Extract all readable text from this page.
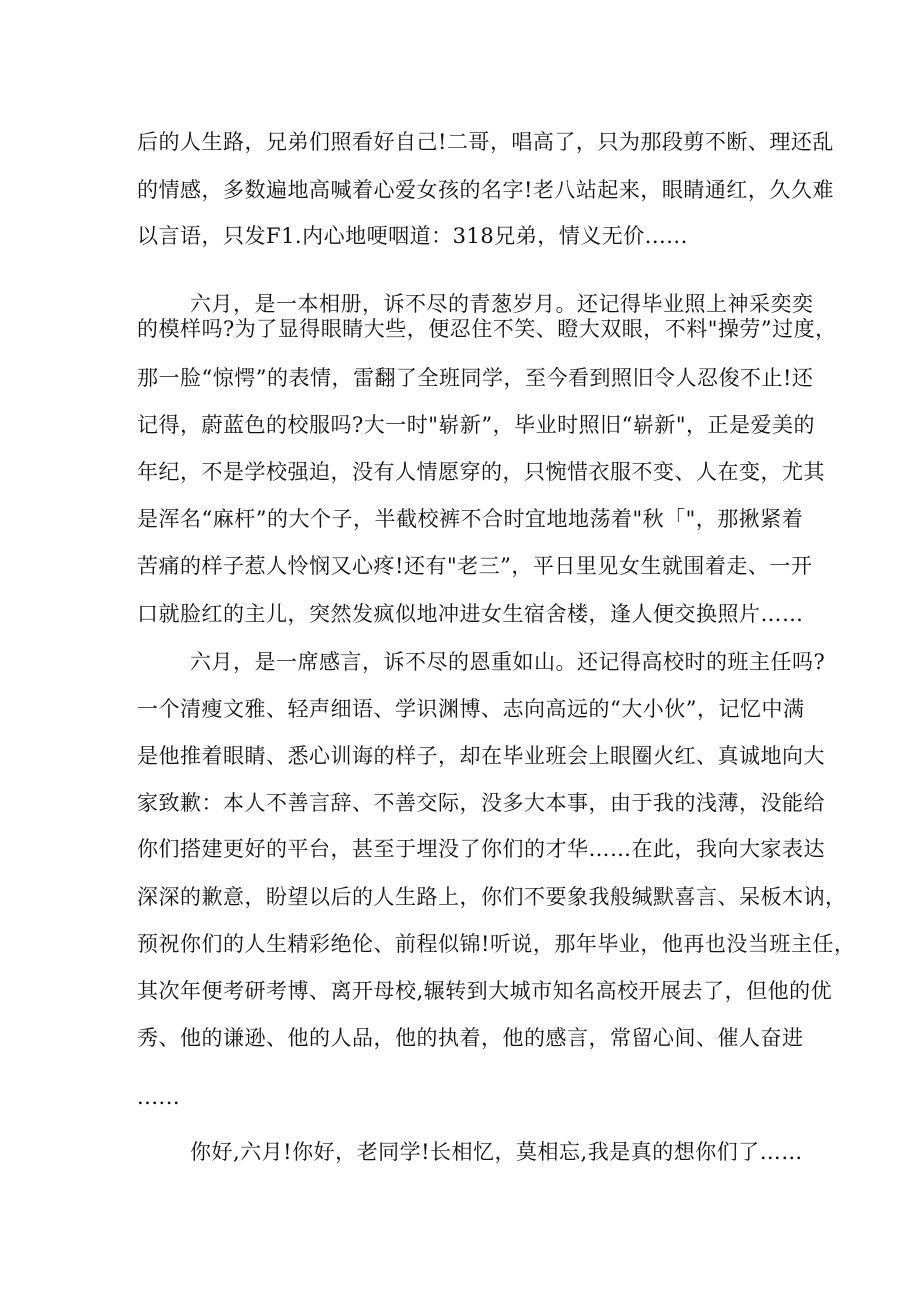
后的人生路，兄弟们照看好自己!二哥，唱高了，只为那段剪不断、理还乱
的情感，多数遍地高喊着心爱女孩的名字!老八站起来，眼睛通红，久久难
以言语，只发F1.内心地哽咽道：318兄弟，情义无价......
六月，是一本相册，诉不尽的青葱岁月。还记得毕业照上神采奕奕
的模样吗?为了显得眼睛大些，便忍住不笑、瞪大双眼，不料"操劳”过度，
那一脸“惊愕”的表情，雷翻了全班同学，至今看到照旧令人忍俊不止!还
记得，蔚蓝色的校服吗?大一时"崭新”，毕业时照旧“崭新"，正是爱美的
年纪，不是学校强迫，没有人情愿穿的，只惋惜衣服不变、人在变，尤其
是浑名“麻杆”的大个子，半截校裤不合时宜地地荡着"秋「"，那揪紧着
苦痛的样子惹人怜悯又心疼!还有"老三”，平日里见女生就围着走、一开
口就脸红的主儿，突然发疯似地冲进女生宿舍楼，逢人便交换照片……
六月，是一席感言，诉不尽的恩重如山。还记得高校时的班主任吗?
一个清瘦文雅、轻声细语、学识渊博、志向高远的“大小伙”，记忆中满
是他推着眼睛、悉心训诲的样子，却在毕业班会上眼圈火红、真诚地向大
家致歉：本人不善言辞、不善交际，没多大本事，由于我的浅薄，没能给
你们搭建更好的平台，甚至于埋没了你们的才华……在此，我向大家表达
深深的歉意，盼望以后的人生路上，你们不要象我般缄默喜言、呆板木讷，
预祝你们的人生精彩绝伦、前程似锦!听说，那年毕业，他再也没当班主任，
其次年便考研考博、离开母校,辗转到大城市知名高校开展去了，但他的优
秀、他的谦逊、他的人品，他的执着，他的感言，常留心间、催人奋进
......
你好,六月!你好，老同学!长相忆，莫相忘,我是真的想你们了……
